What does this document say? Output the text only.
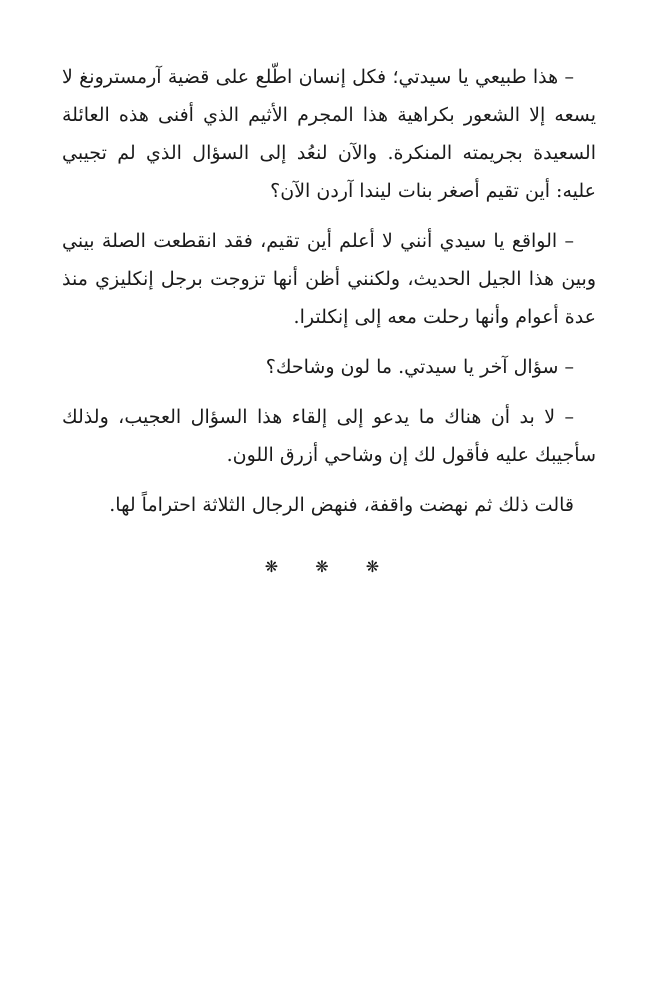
– هذا طبيعي يا سيدتي؛ فكل إنسان اطّلع على قضية آرمسترونغ لا يسعه إلا الشعور بكراهية هذا المجرم الأثيم الذي أفنى هذه العائلة السعيدة بجريمته المنكرة. والآن لنعُد إلى السؤال الذي لم تجيبي عليه: أين تقيم أصغر بنات ليندا آردن الآن؟

– الواقع يا سيدي أنني لا أعلم أين تقيم، فقد انقطعت الصلة بيني وبين هذا الجيل الحديث، ولكنني أظن أنها تزوجت برجل إنكليزي منذ عدة أعوام وأنها رحلت معه إلى إنكلترا.

– سؤال آخر يا سيدتي. ما لون وشاحك؟

– لا بد أن هناك ما يدعو إلى إلقاء هذا السؤال العجيب، ولذلك سأجيبك عليه فأقول لك إن وشاحي أزرق اللون.

قالت ذلك ثم نهضت واقفة، فنهض الرجال الثلاثة احتراماً لها.

❋ ❋ ❋
